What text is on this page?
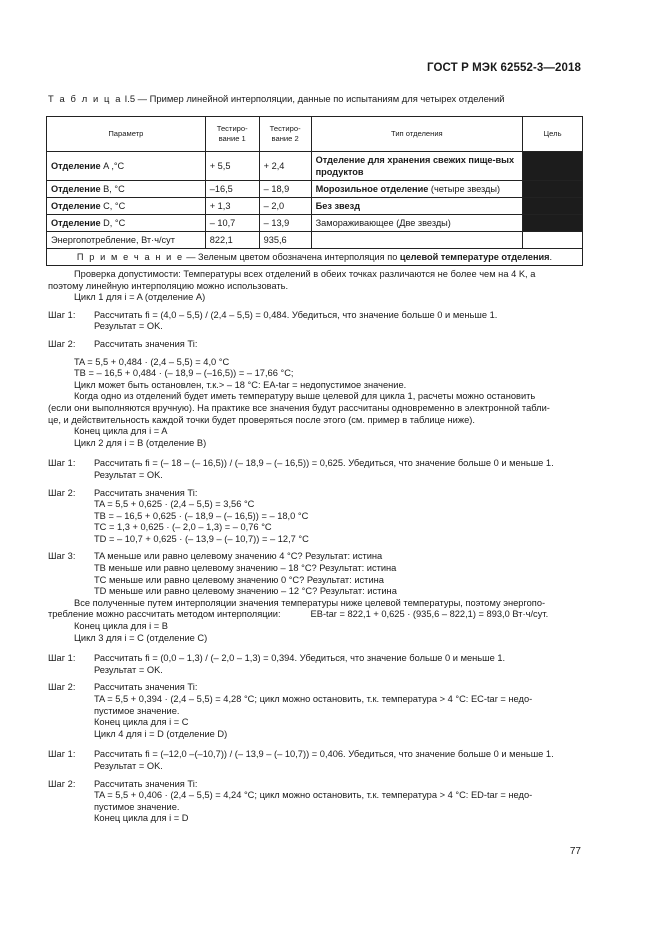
ГОСТ Р МЭК 62552-3—2018
Т а б л и ц а I.5 — Пример линейной интерполяции, данные по испытаниям для четырех отделений
Параметр	Тестиро-вание 1	Тестиро-вание 2	Тип отделения	Цель
Отделение A ,°C	+ 5,5	+ 2,4	Отделение для хранения свежих пище-вых продуктов	
Отделение B, °C	–16,5	– 18,9	Морозильное отделение (четыре звезды)	
Отделение C, °C	+ 1,3	– 2,0	Без звезд	
Отделение D, °C	– 10,7	– 13,9	Замораживающее (Две звезды)	
Энергопотребление, Вт·ч/сут	822,1	935,6		
П р и м е ч а н и е — Зеленым цветом обозначена интерполяция по целевой температуре отделения.				
Проверка допустимости: Температуры всех отделений в обеих точках различаются не более чем на 4 K, а
поэтому линейную интерполяцию можно использовать.
Цикл 1 для i = A (отделение A)
Шаг 1:	Рассчитать fi = (4,0 – 5,5) / (2,4 – 5,5) = 0,484. Убедиться, что значение больше 0 и меньше 1.
Результат = OK.
Шаг 2:	Рассчитать значения Ti:
TA = 5,5 + 0,484 · (2,4 – 5,5) = 4,0 °C
TB = – 16,5 + 0,484 · (– 18,9 – (–16,5)) = – 17,66 °C;
Цикл может быть остановлен, т.к.> – 18 °C: EA-tar = недопустимое значение.
Когда одно из отделений будет иметь температуру выше целевой для цикла 1, расчеты можно остановить
(если они выполняются вручную). На практике все значения будут рассчитаны одновременно в электронной табли-
це, и действительность каждой точки будет проверяться после этого (см. пример в таблице ниже).
Конец цикла для i = A
Цикл 2 для i = B (отделение B)
Шаг 1:	Рассчитать fi = (– 18 – (– 16,5)) / (– 18,9 – (– 16,5)) = 0,625. Убедиться, что значение больше 0 и меньше 1.
Результат = OK.
Шаг 2:	Рассчитать значения Ti:
TA = 5,5 + 0,625 · (2,4 – 5,5) = 3,56 °C
TB = – 16,5 + 0,625 · (– 18,9 – (– 16,5)) = – 18,0 °C
TC = 1,3 + 0,625 · (– 2,0 – 1,3) = – 0,76 °C
TD = – 10,7 + 0,625 · (– 13,9 – (– 10,7)) = – 12,7 °C
Шаг 3:	TA меньше или равно целевому значению 4 °C? Результат: истина
TB меньше или равно целевому значению – 18 °C? Результат: истина
TC меньше или равно целевому значению 0 °C? Результат: истина
TD меньше или равно целевому значению – 12 °C? Результат: истина
Все полученные путем интерполяции значения температуры ниже целевой температуры, поэтому энергопо-
требление можно рассчитать методом интерполяции:	EB-tar = 822,1 + 0,625 · (935,6 – 822,1) = 893,0 Вт·ч/сут.
Конец цикла для i = B
Цикл 3 для i = C (отделение C)
Шаг 1:	Рассчитать fi = (0,0 – 1,3) / (– 2,0 – 1,3) = 0,394. Убедиться, что значение больше 0 и меньше 1.
Результат = OK.
Шаг 2:	Рассчитать значения Ti:
TA = 5,5 + 0,394 · (2,4 – 5,5) = 4,28 °C; цикл можно остановить, т.к. температура > 4 °C: EC-tar = недо-
пустимое значение.
Конец цикла для i = C
Цикл 4 для i = D (отделение D)
Шаг 1:	Рассчитать fi = (–12,0 –(–10,7)) / (– 13,9 – (– 10,7)) = 0,406. Убедиться, что значение больше 0 и меньше 1.
Результат = OK.
Шаг 2:	Рассчитать значения Ti:
TA = 5,5 + 0,406 · (2,4 – 5,5) = 4,24 °C; цикл можно остановить, т.к. температура > 4 °C: ED-tar = недо-
пустимое значение.
Конец цикла для i = D
77
